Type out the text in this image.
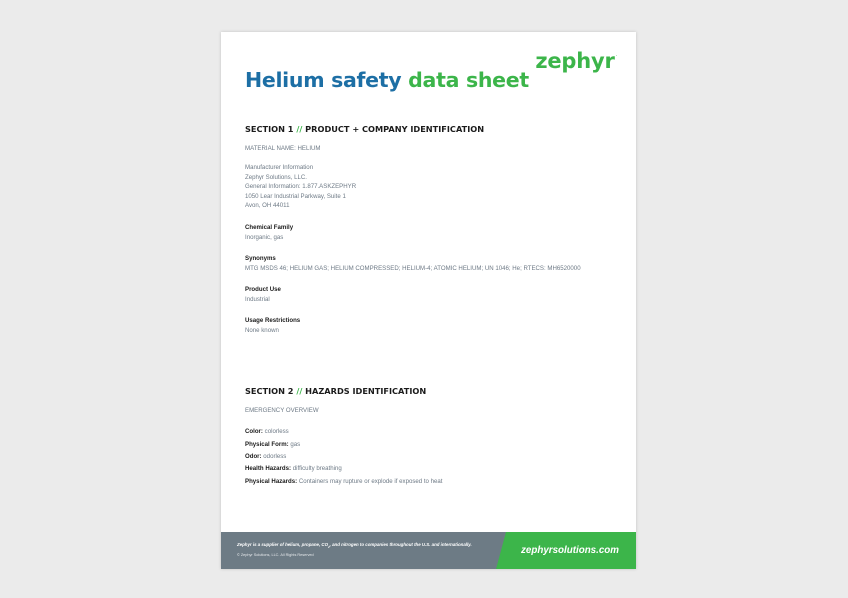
zephyr.
Helium safety data sheet
SECTION 1 // PRODUCT + COMPANY IDENTIFICATION
MATERIAL NAME: HELIUM
Manufacturer Information
Zephyr Solutions, LLC.
General Information: 1.877.ASKZEPHYR
1050 Lear Industrial Parkway, Suite 1
Avon, OH 44011
Chemical Family
Inorganic, gas
Synonyms
MTG MSDS 46; HELIUM GAS; HELIUM COMPRESSED; HELIUM-4; ATOMIC HELIUM; UN 1046; He; RTECS: MH6520000
Product Use
Industrial
Usage Restrictions
None known
SECTION 2 // HAZARDS IDENTIFICATION
EMERGENCY OVERVIEW
Color: colorless
Physical Form: gas
Odor: odorless
Health Hazards: difficulty breathing
Physical Hazards: Containers may rupture or explode if exposed to heat
Zephyr is a supplier of helium, propane, $CO_2$, and nitrogen to companies throughout the U.S. and internationally.
© Zephyr Solutions, LLC. All Rights Reserved	zephyrsolutions.com
